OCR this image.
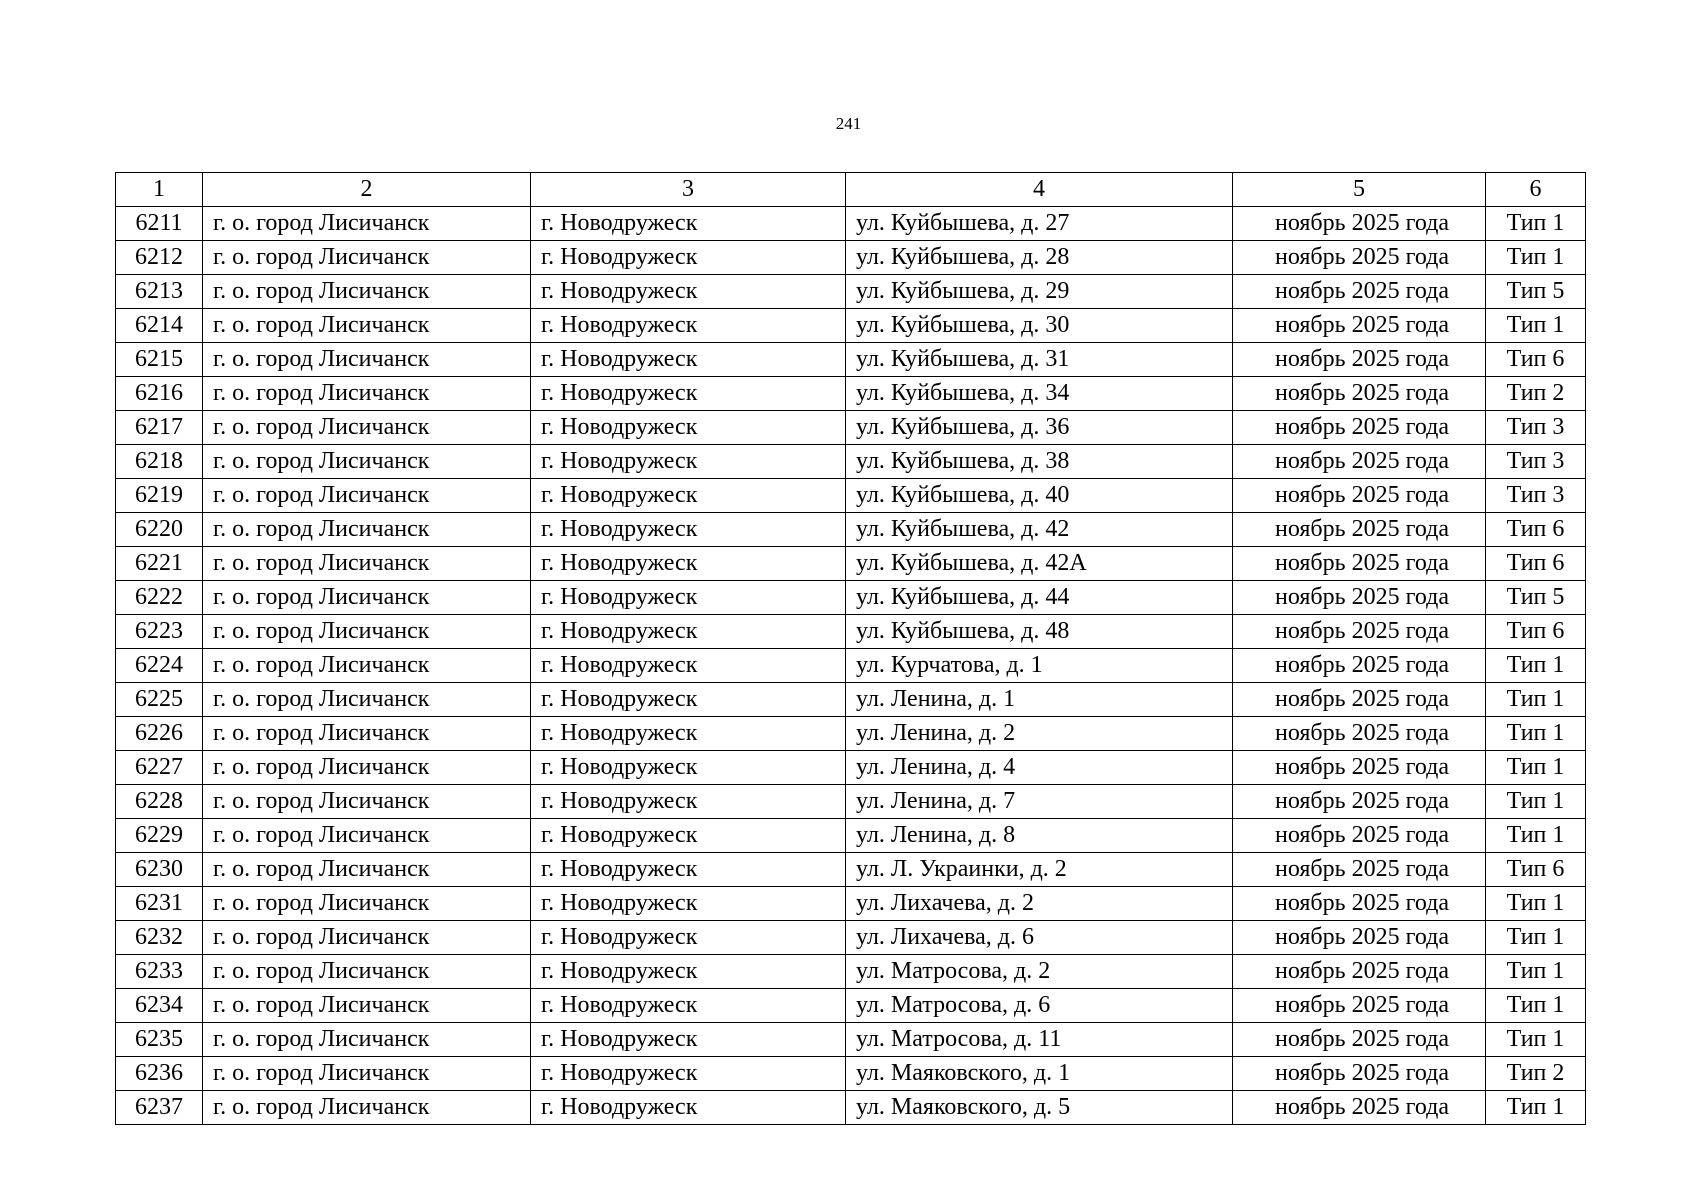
241
1	2	3	4	5	6
6211	г. о. город Лисичанск	г. Новодружеск	ул. Куйбышева, д. 27	ноябрь 2025 года	Тип 1
6212	г. о. город Лисичанск	г. Новодружеск	ул. Куйбышева, д. 28	ноябрь 2025 года	Тип 1
6213	г. о. город Лисичанск	г. Новодружеск	ул. Куйбышева, д. 29	ноябрь 2025 года	Тип 5
6214	г. о. город Лисичанск	г. Новодружеск	ул. Куйбышева, д. 30	ноябрь 2025 года	Тип 1
6215	г. о. город Лисичанск	г. Новодружеск	ул. Куйбышева, д. 31	ноябрь 2025 года	Тип 6
6216	г. о. город Лисичанск	г. Новодружеск	ул. Куйбышева, д. 34	ноябрь 2025 года	Тип 2
6217	г. о. город Лисичанск	г. Новодружеск	ул. Куйбышева, д. 36	ноябрь 2025 года	Тип 3
6218	г. о. город Лисичанск	г. Новодружеск	ул. Куйбышева, д. 38	ноябрь 2025 года	Тип 3
6219	г. о. город Лисичанск	г. Новодружеск	ул. Куйбышева, д. 40	ноябрь 2025 года	Тип 3
6220	г. о. город Лисичанск	г. Новодружеск	ул. Куйбышева, д. 42	ноябрь 2025 года	Тип 6
6221	г. о. город Лисичанск	г. Новодружеск	ул. Куйбышева, д. 42А	ноябрь 2025 года	Тип 6
6222	г. о. город Лисичанск	г. Новодружеск	ул. Куйбышева, д. 44	ноябрь 2025 года	Тип 5
6223	г. о. город Лисичанск	г. Новодружеск	ул. Куйбышева, д. 48	ноябрь 2025 года	Тип 6
6224	г. о. город Лисичанск	г. Новодружеск	ул. Курчатова, д. 1	ноябрь 2025 года	Тип 1
6225	г. о. город Лисичанск	г. Новодружеск	ул. Ленина, д. 1	ноябрь 2025 года	Тип 1
6226	г. о. город Лисичанск	г. Новодружеск	ул. Ленина, д. 2	ноябрь 2025 года	Тип 1
6227	г. о. город Лисичанск	г. Новодружеск	ул. Ленина, д. 4	ноябрь 2025 года	Тип 1
6228	г. о. город Лисичанск	г. Новодружеск	ул. Ленина, д. 7	ноябрь 2025 года	Тип 1
6229	г. о. город Лисичанск	г. Новодружеск	ул. Ленина, д. 8	ноябрь 2025 года	Тип 1
6230	г. о. город Лисичанск	г. Новодружеск	ул. Л. Украинки, д. 2	ноябрь 2025 года	Тип 6
6231	г. о. город Лисичанск	г. Новодружеск	ул. Лихачева, д. 2	ноябрь 2025 года	Тип 1
6232	г. о. город Лисичанск	г. Новодружеск	ул. Лихачева, д. 6	ноябрь 2025 года	Тип 1
6233	г. о. город Лисичанск	г. Новодружеск	ул. Матросова, д. 2	ноябрь 2025 года	Тип 1
6234	г. о. город Лисичанск	г. Новодружеск	ул. Матросова, д. 6	ноябрь 2025 года	Тип 1
6235	г. о. город Лисичанск	г. Новодружеск	ул. Матросова, д. 11	ноябрь 2025 года	Тип 1
6236	г. о. город Лисичанск	г. Новодружеск	ул. Маяковского, д. 1	ноябрь 2025 года	Тип 2
6237	г. о. город Лисичанск	г. Новодружеск	ул. Маяковского, д. 5	ноябрь 2025 года	Тип 1
